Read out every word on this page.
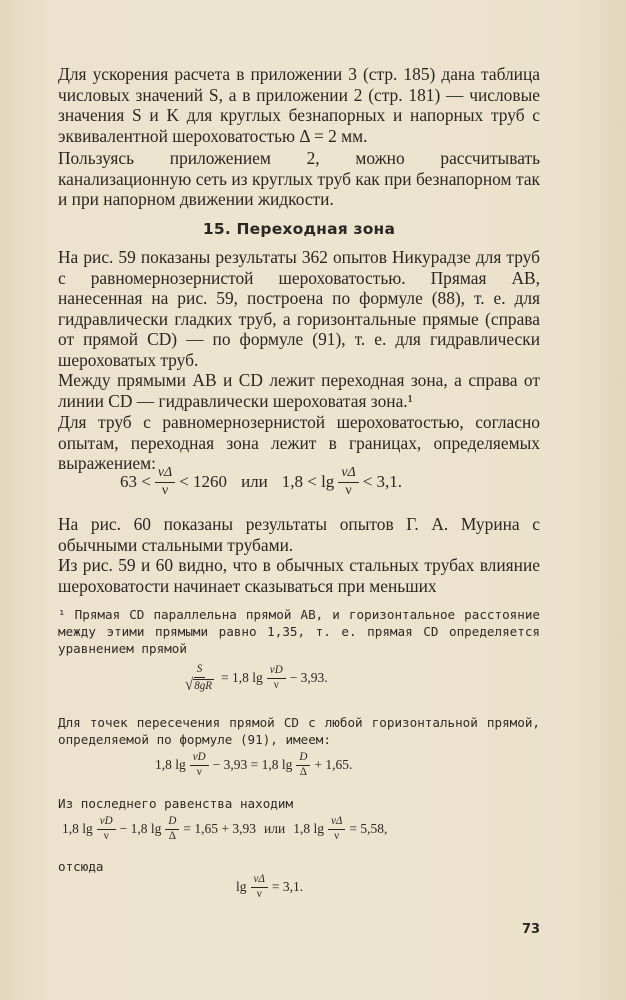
Для ускорения расчета в приложении 3 (стр. 185) дана таблица числовых значений S, а в приложении 2 (стр. 181) — числовые значения S и K для круглых безнапорных и напорных труб с эквивалентной шероховатостью Δ = 2 мм.

Пользуясь приложением 2, можно рассчитывать канализационную сеть из круглых труб как при безнапорном так и при напорном движении жидкости.

15. Переходная зона

На рис. 59 показаны результаты 362 опытов Никурадзе для труб с равномернозернистой шероховатостью. Прямая AB, нанесенная на рис. 59, построена по формуле (88), т. е. для гидравлически гладких труб, а горизонтальные прямые (справа от прямой CD) — по формуле (91), т. е. для гидравлически шероховатых труб.

Между прямыми AB и CD лежит переходная зона, а справа от линии CD — гидравлически шероховатая зона.¹

Для труб с равномернозернистой шероховатостью, согласно опытам, переходная зона лежит в границах, определяемых выражением:

$63 < \frac{v\Delta}{\nu} < 1260$ или $1,8 < \lg \frac{v\Delta}{\nu} < 3,1$.

На рис. 60 показаны результаты опытов Г. А. Мурина с обычными стальными трубами.

Из рис. 59 и 60 видно, что в обычных стальных трубах влияние шероховатости начинает сказываться при меньших

¹ Прямая CD параллельна прямой AB, и горизонтальное расстояние между этими прямыми равно 1,35, т. е. прямая CD определяется уравнением прямой

$\frac{S}{√ 8gR} = 1,8$ $\lg \frac{vD}{\nu} - 3,93$.

Для точек пересечения прямой CD с любой горизонтальной прямой, определяемой по формуле (91), имеем:

1,8 $\lg \frac{vD}{\nu} - 3,93 = 1,8$ $\lg \frac{D}{\Delta} + 1,65$.

Из последнего равенства находим

1,8 $\lg \frac{vD}{\nu} - 1,8$ $\lg \frac{D}{\Delta} = 1,65 + 3,93$ или 1,8 $\lg \frac{v\Delta}{\nu} = 5,58$,

отсюда

$\lg \frac{v\Delta}{\nu} = 3,1$.
73
